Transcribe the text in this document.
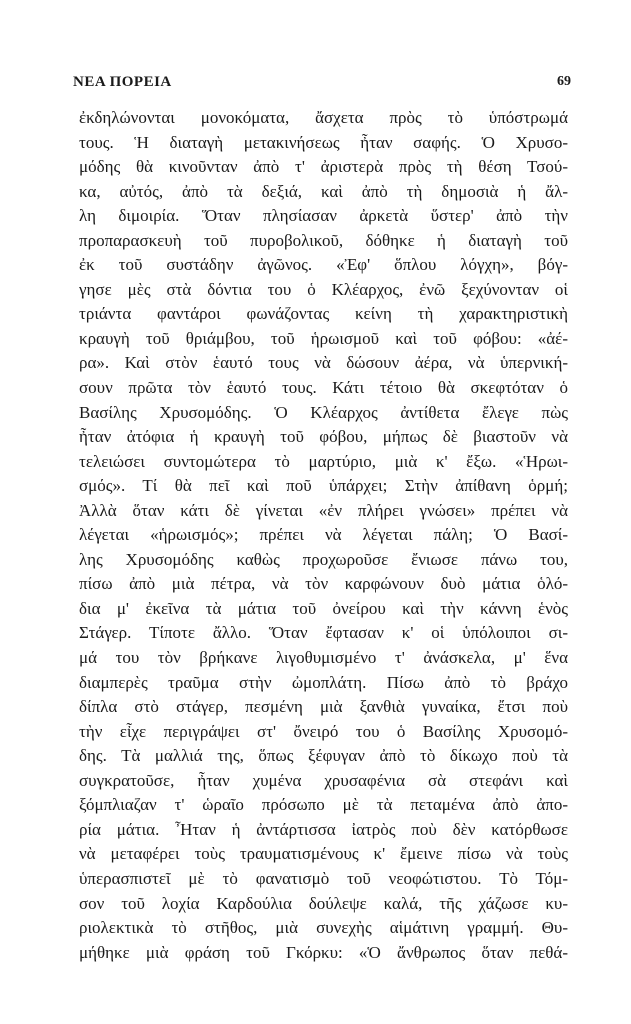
ΝΕΑ ΠΟΡΕΙΑ	69
ἐκδηλώνονται μονοκόματα, ἄσχετα πρὸς τὸ ὑπόστρωμά
τους. Ἡ διαταγὴ μετακινήσεως ἦταν σαφής. Ὁ Χρυσο-
μόδης θὰ κινοῦνταν ἀπὸ τ' ἀριστερὰ πρὸς τὴ θέση Τσού-
κα, αὐτός, ἀπὸ τὰ δεξιά, καὶ ἀπὸ τὴ δημοσιὰ ἡ ἄλ-
λη διμοιρία. Ὅταν πλησίασαν ἀρκετὰ ὕστερ' ἀπὸ τὴν
προπαρασκευὴ τοῦ πυροβολικοῦ, δόθηκε ἡ διαταγὴ τοῦ
ἐκ τοῦ συστάδην ἀγῶνος. «Ἐφ' ὅπλου λόγχη», βόγ-
γησε μὲς στὰ δόντια του ὁ Κλέαρχος, ἐνῶ ξεχύνονταν οἱ
τριάντα φαντάροι φωνάζοντας κείνη τὴ χαρακτηριστικὴ
κραυγὴ τοῦ θριάμβου, τοῦ ἡρωισμοῦ καὶ τοῦ φόβου: «ἀέ-
ρα». Καὶ στὸν ἑαυτό τους νὰ δώσουν ἀέρα, νὰ ὑπερνική-
σουν πρῶτα τὸν ἑαυτό τους. Κάτι τέτοιο θὰ σκεφτόταν ὁ
Βασίλης Χρυσομόδης. Ὁ Κλέαρχος ἀντίθετα ἔλεγε πὼς
ἦταν ἀτόφια ἡ κραυγὴ τοῦ φόβου, μήπως δὲ βιαστοῦν νὰ
τελειώσει συντομώτερα τὸ μαρτύριο, μιὰ κ' ἔξω. «Ἡρωι-
σμός». Τί θὰ πεῖ καὶ ποῦ ὑπάρχει; Στὴν ἀπίθανη ὁρμή;
Ἀλλὰ ὅταν κάτι δὲ γίνεται «ἐν πλήρει γνώσει» πρέπει νὰ
λέγεται «ἡρωισμός»; πρέπει νὰ λέγεται πάλη; Ὁ Βασί-
λης Χρυσομόδης καθὼς προχωροῦσε ἔνιωσε πάνω του,
πίσω ἀπὸ μιὰ πέτρα, νὰ τὸν καρφώνουν δυὸ μάτια ὁλό-
δια μ' ἐκεῖνα τὰ μάτια τοῦ ὀνείρου καὶ τὴν κάννη ἑνὸς
Στάγερ. Τίποτε ἄλλο. Ὅταν ἔφτασαν κ' οἱ ὑπόλοιποι σι-
μά του τὸν βρήκανε λιγοθυμισμένο τ' ἀνάσκελα, μ' ἕνα
διαμπερὲς τραῦμα στὴν ὠμοπλάτη. Πίσω ἀπὸ τὸ βράχο
δίπλα στὸ στάγερ, πεσμένη μιὰ ξανθιὰ γυναίκα, ἔτσι ποὺ
τὴν εἶχε περιγράψει στ' ὄνειρό του ὁ Βασίλης Χρυσομό-
δης. Τὰ μαλλιά της, ὅπως ξέφυγαν ἀπὸ τὸ δίκωχο ποὺ τὰ
συγκρατοῦσε, ἦταν χυμένα χρυσαφένια σὰ στεφάνι καὶ
ξόμπλιαζαν τ' ὡραῖο πρόσωπο μὲ τὰ πεταμένα ἀπὸ ἀπο-
ρία μάτια. Ἦταν ἡ ἀντάρτισσα ἰατρὸς ποὺ δὲν κατόρθωσε
νὰ μεταφέρει τοὺς τραυματισμένους κ' ἔμεινε πίσω νὰ τοὺς
ὑπερασπιστεῖ μὲ τὸ φανατισμὸ τοῦ νεοφώτιστου. Τὸ Τόμ-
σον τοῦ λοχία Καρδούλια δούλεψε καλά, τῆς χάζωσε κυ-
ριολεκτικὰ τὸ στῆθος, μιὰ συνεχὴς αἱμάτινη γραμμή. Θυ-
μήθηκε μιὰ φράση τοῦ Γκόρκυ: «Ὁ ἄνθρωπος ὅταν πεθά-
